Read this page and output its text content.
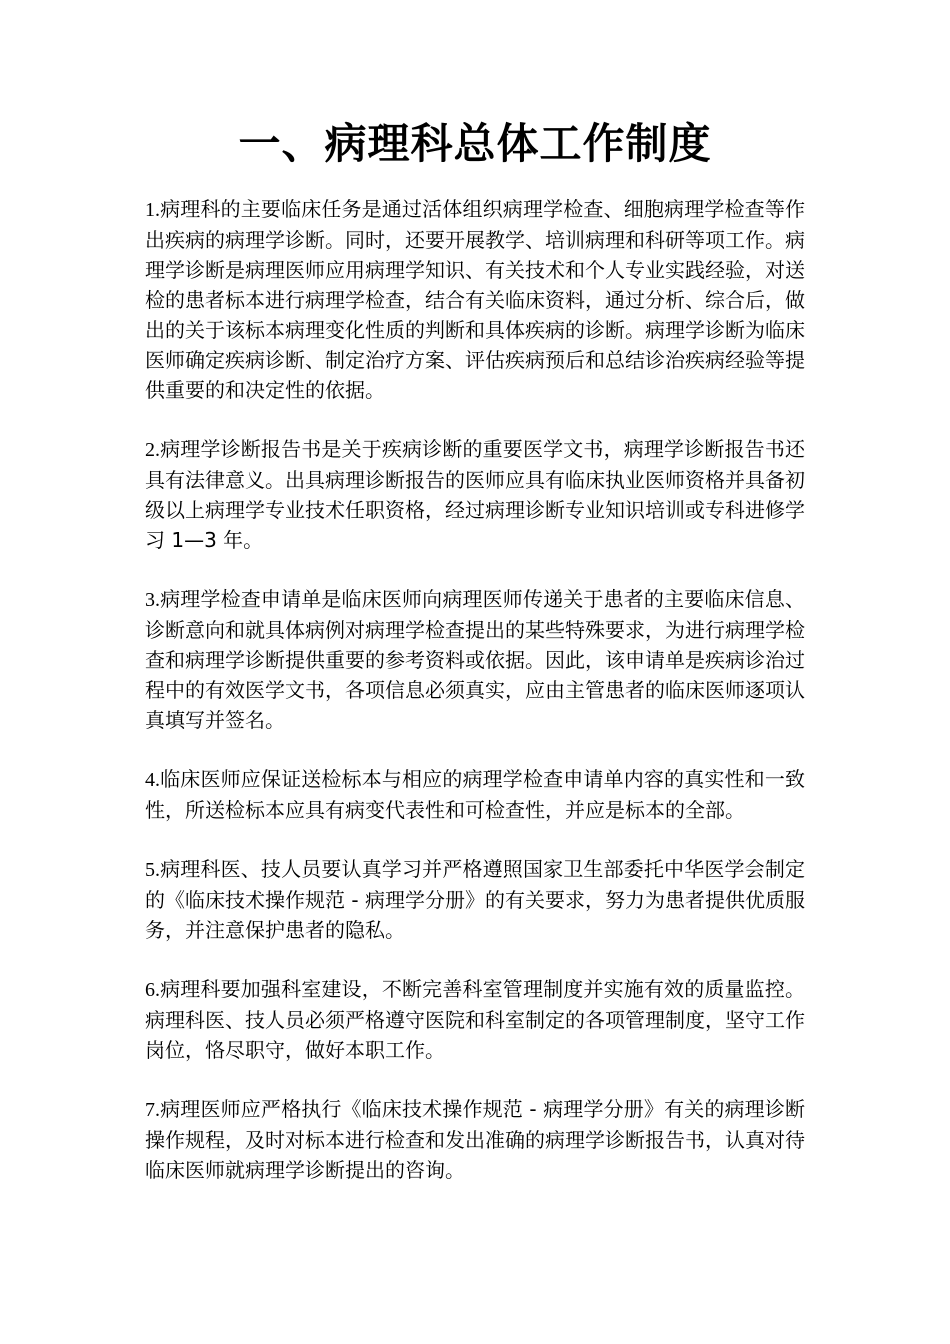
一、病理科总体工作制度

1.病理科的主要临床任务是通过活体组织病理学检查、细胞病理学检查等作出疾病的病理学诊断。同时，还要开展教学、培训病理和科研等项工作。病理学诊断是病理医师应用病理学知识、有关技术和个人专业实践经验，对送检的患者标本进行病理学检查，结合有关临床资料，通过分析、综合后，做出的关于该标本病理变化性质的判断和具体疾病的诊断。病理学诊断为临床医师确定疾病诊断、制定治疗方案、评估疾病预后和总结诊治疾病经验等提供重要的和决定性的依据。

2.病理学诊断报告书是关于疾病诊断的重要医学文书，病理学诊断报告书还具有法律意义。出具病理诊断报告的医师应具有临床执业医师资格并具备初级以上病理学专业技术任职资格，经过病理诊断专业知识培训或专科进修学习 1—3 年。

3.病理学检查申请单是临床医师向病理医师传递关于患者的主要临床信息、诊断意向和就具体病例对病理学检查提出的某些特殊要求，为进行病理学检查和病理学诊断提供重要的参考资料或依据。因此，该申请单是疾病诊治过程中的有效医学文书，各项信息必须真实，应由主管患者的临床医师逐项认真填写并签名。

4.临床医师应保证送检标本与相应的病理学检查申请单内容的真实性和一致性，所送检标本应具有病变代表性和可检查性，并应是标本的全部。

5.病理科医、技人员要认真学习并严格遵照国家卫生部委托中华医学会制定的《临床技术操作规范 - 病理学分册》的有关要求，努力为患者提供优质服务，并注意保护患者的隐私。

6.病理科要加强科室建设，不断完善科室管理制度并实施有效的质量监控。病理科医、技人员必须严格遵守医院和科室制定的各项管理制度，坚守工作岗位，恪尽职守，做好本职工作。

7.病理医师应严格执行《临床技术操作规范 - 病理学分册》有关的病理诊断操作规程，及时对标本进行检查和发出准确的病理学诊断报告书，认真对待临床医师就病理学诊断提出的咨询。
